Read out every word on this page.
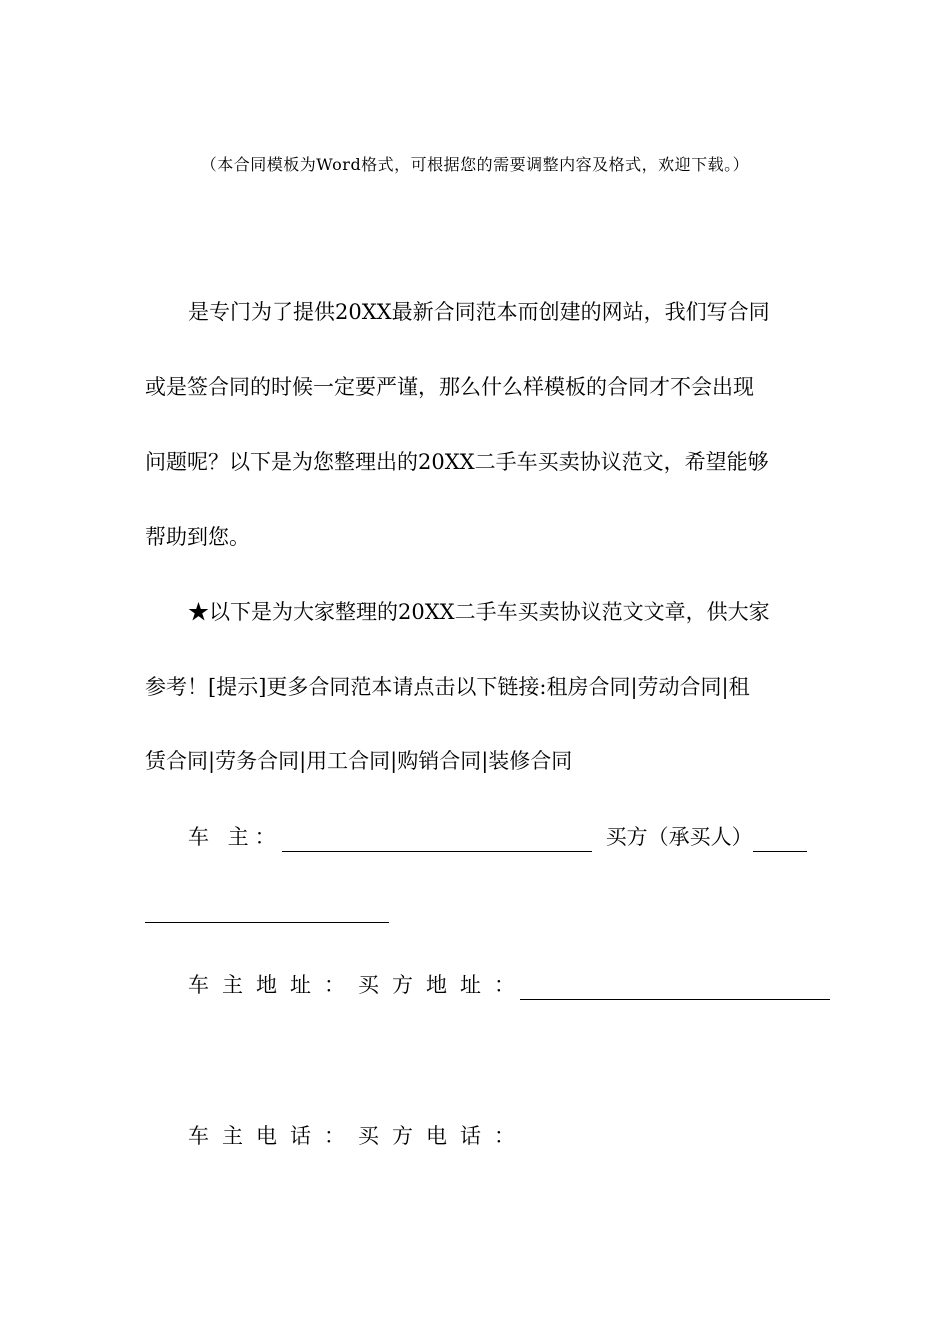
（本合同模板为Word格式，可根据您的需要调整内容及格式，欢迎下载。）
是专门为了提供20XX最新合同范本而创建的网站，我们写合同
或是签合同的时候一定要严谨，那么什么样模板的合同才不会出现
问题呢？以下是为您整理出的20XX二手车买卖协议范文，希望能够
帮助到您。
★以下是为大家整理的20XX二手车买卖协议范文文章，供大家
参考！[提示]更多合同范本请点击以下链接:租房合同|劳动合同|租
赁合同|劳务合同|用工合同|购销合同|装修合同
车 主：	买方（承买人）
车主地址：买方地址：
车主电话：买方电话：
